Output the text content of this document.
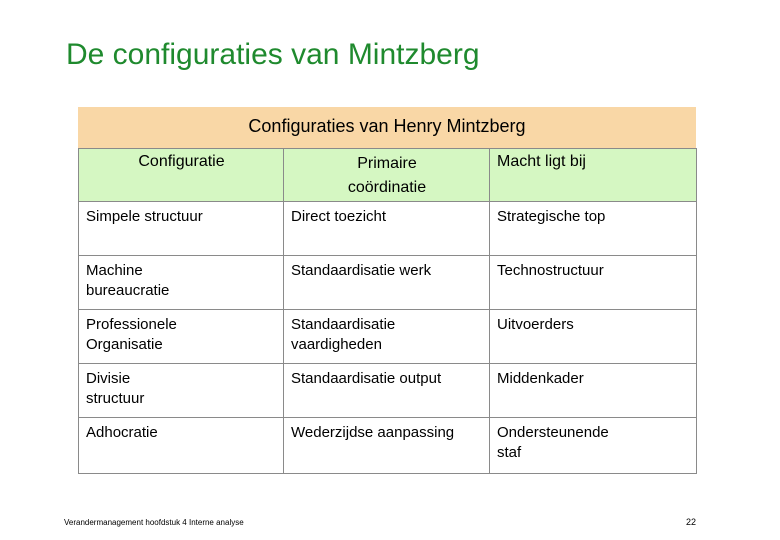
De configuraties van Mintzberg
Configuraties van Henry Mintzberg
Configuratie	Primaire coördinatie	Macht ligt bij

Simpele structuur	Direct toezicht	Strategische top

Machine bureaucratie	Standaardisatie werk	Technostructuur

Professionele Organisatie	Standaardisatie vaardigheden	Uitvoerders

Divisie structuur	Standaardisatie output	Middenkader

Adhocratie	Wederzijdse aanpassing	Ondersteunende staf
Verandermanagement hoofdstuk 4 Interne analyse	22
